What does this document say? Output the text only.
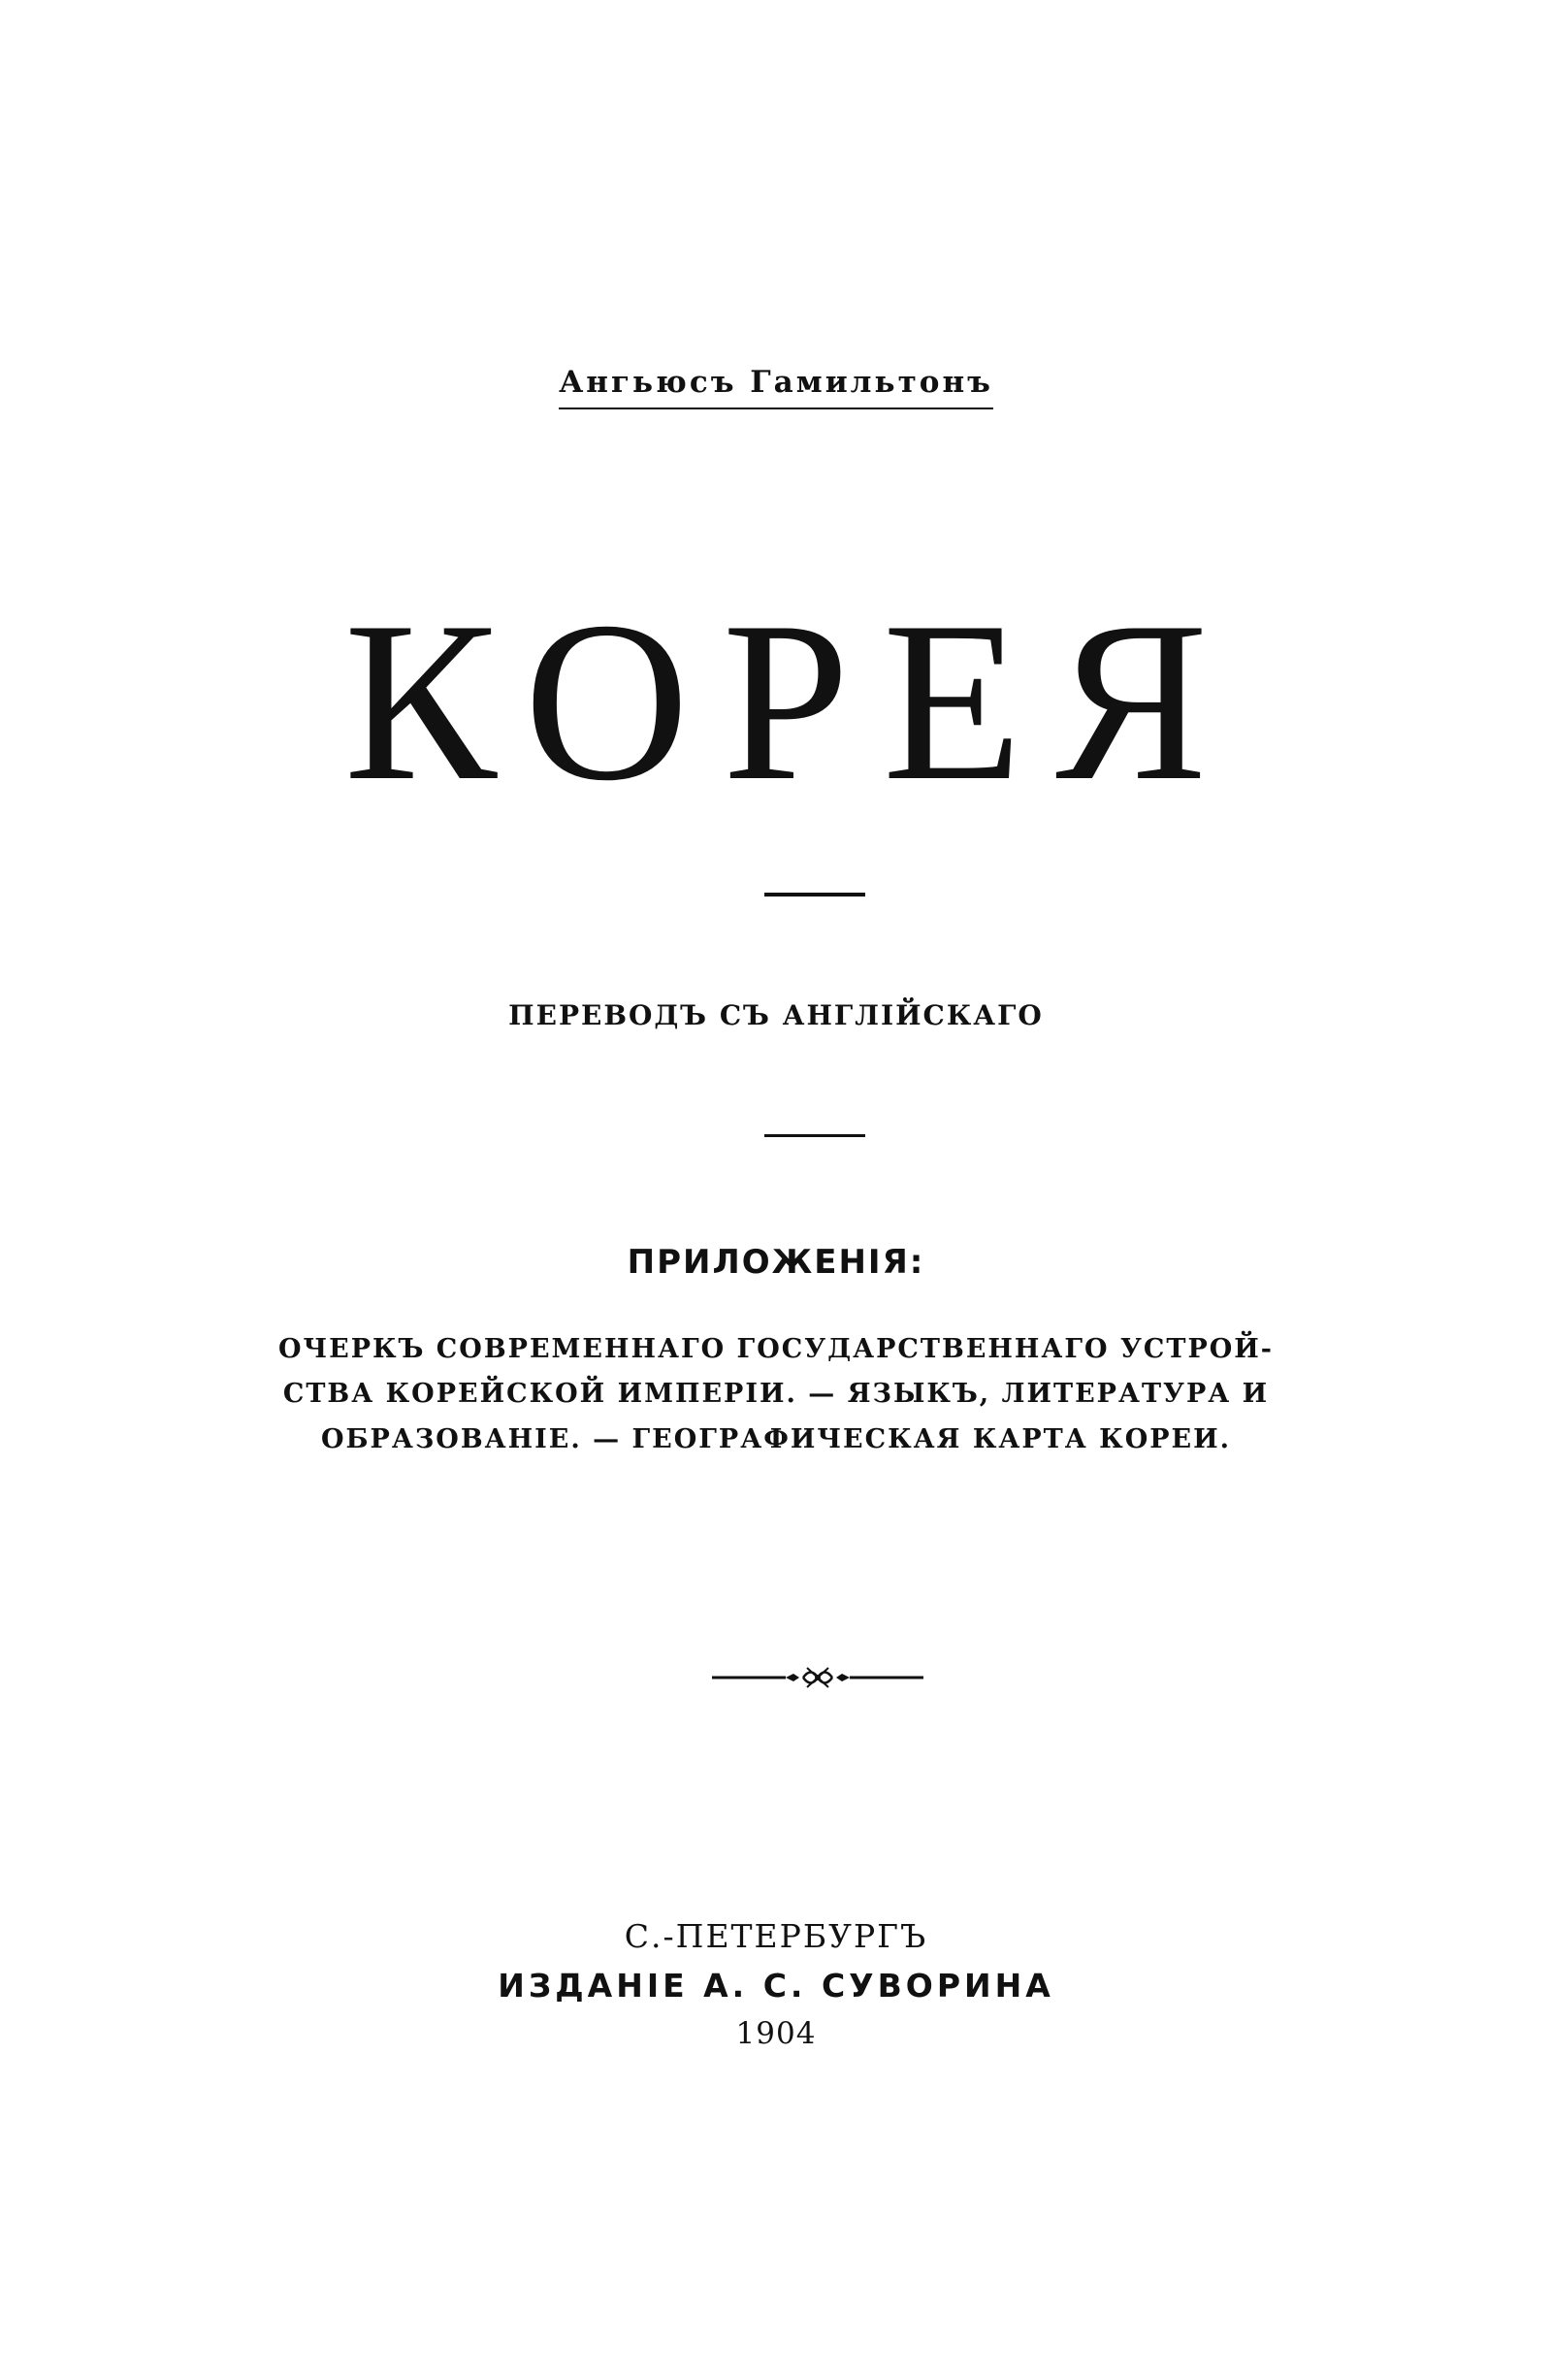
Ангьюсъ Гамильтонъ
КОРЕЯ
ПЕРЕВОДЪ СЪ АНГЛІЙСКАГО
ПРИЛОЖЕНІЯ:
ОЧЕРКЪ СОВРЕМЕННАГО ГОСУДАРСТВЕННАГО УСТРОЙ-
СТВА КОРЕЙСКОЙ ИМПЕРІИ. — ЯЗЫКЪ, ЛИТЕРАТУРА И
ОБРАЗОВАНІЕ. — ГЕОГРАФИЧЕСКАЯ КАРТА КОРЕИ.
С.-ПЕТЕРБУРГЪ
ИЗДАНІЕ А. С. СУВОРИНА
1904
